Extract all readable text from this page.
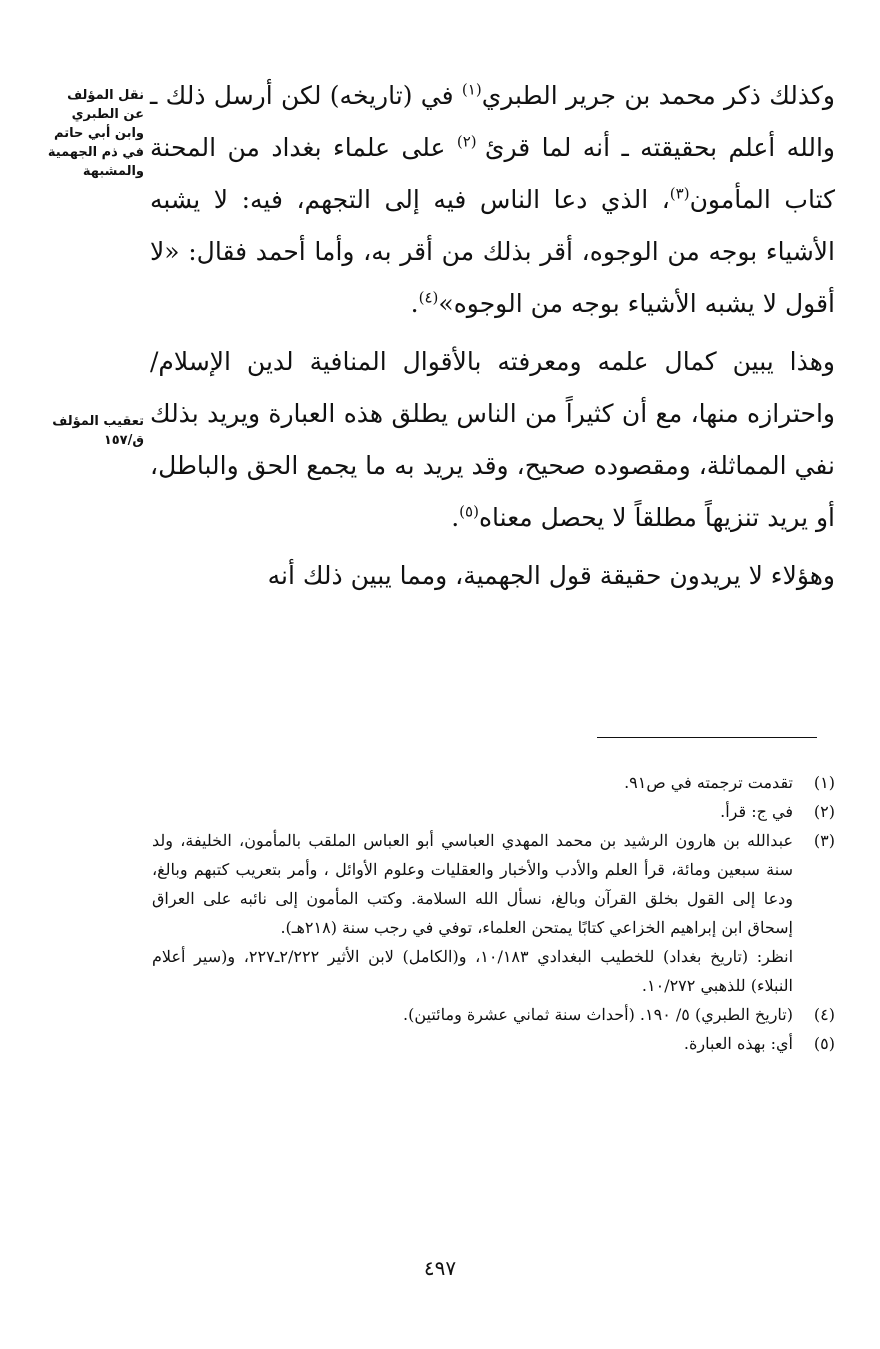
وكذلك ذكر محمد بن جرير الطبري$^{(١)}$ في (تاريخه) لكن أرسل ذلك ـ والله أعلم بحقيقته ـ أنه لما قرئ $^{(٢)}$ على علماء بغداد من المحنة كتاب المأمون$^{(٣)}$، الذي دعا الناس فيه إلى التجهم، فيه: لا يشبه الأشياء بوجه من الوجوه، أقر بذلك من أقر به، وأما أحمد فقال: «لا أقول لا يشبه الأشياء بوجه من الوجوه»$^{(٤)}$.

وهذا يبين كمال علمه ومعرفته بالأقوال المنافية لدين الإسلام/ واحترازه منها، مع أن كثيراً من الناس يطلق هذه العبارة ويريد بذلك نفي المماثلة، ومقصوده صحيح، وقد يريد به ما يجمع الحق والباطل، أو يريد تنزيهاً مطلقاً لا يحصل معناه$^{(٥)}$.

وهؤلاء لا يريدون حقيقة قول الجهمية، ومما يبين ذلك أنه

نقل المؤلف
عن الطبري
وابن أبي حاتم
في ذم الجهمية
والمشبهة
تعقيب المؤلف
ق/١٥٧
(١)
تقدمت ترجمته في ص٩١.
(٢)
في ج: قرأ.
(٣)
عبدالله بن هارون الرشيد بن محمد المهدي العباسي أبو العباس الملقب بالمأمون، الخليفة، ولد سنة سبعين ومائة، قرأ العلم والأدب والأخبار والعقليات وعلوم الأوائل ، وأمر بتعريب كتبهم وبالغ، ودعا إلى القول بخلق القرآن وبالغ، نسأل الله السلامة. وكتب المأمون إلى نائبه على العراق إسحاق ابن إبراهيم الخزاعي كتابًا يمتحن العلماء، توفي في رجب سنة (٢١٨هـ).
انظر: (تاريخ بغداد) للخطيب البغدادي ١٠/١٨٣، و(الكامل) لابن الأثير ٢/٢٢٢ـ٢٢٧، و(سير أعلام النبلاء) للذهبي ١٠/٢٧٢.
(٤)
(تاريخ الطبري) ٥/ ١٩٠. (أحداث سنة ثماني عشرة ومائتين).
(٥)
أي: بهذه العبارة.
٤٩٧
